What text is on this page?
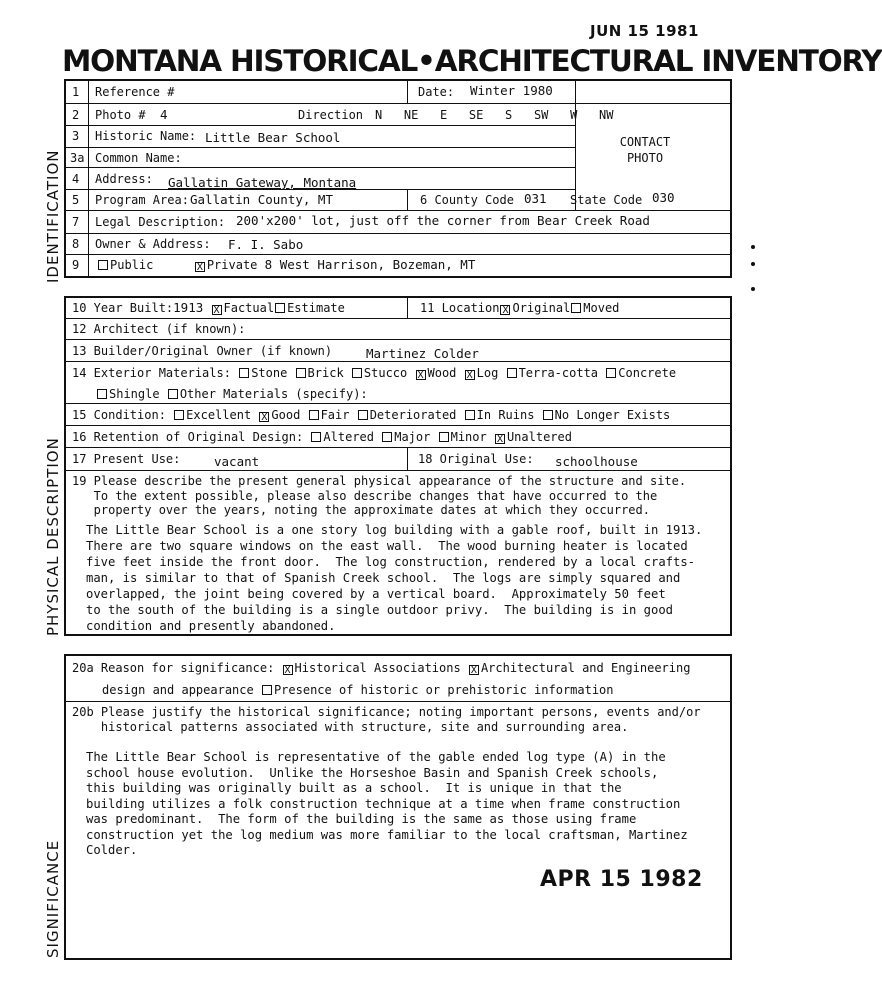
JUN 15 1981
MONTANA HISTORICAL•ARCHITECTURAL INVENTORY
IDENTIFICATION
PHYSICAL DESCRIPTION
SIGNIFICANCE
1 Reference #	Date: Winter 1980
2 Photo # 4	Direction N   NE   E   SE   S   SW   W   NW
3 Historic Name: Little Bear School	CONTACT
PHOTO
3a Common Name:
4 Address: Gallatin Gateway, Montana
5 Program Area: Gallatin County, MT	6 County Code 031 State Code 030
7 Legal Description: 200'x200' lot, just off the corner from Bear Creek Road
8 Owner & Address: F. I. Sabo
9	Public	X Private 8 West Harrison, Bozeman, MT
10 Year Built:1913 X Factual Estimate	11 Location X Original Moved
12 Architect (if known):
13 Builder/Original Owner (if known)	Martinez Colder
14 Exterior Materials: Stone Brick Stucco X Wood X Log Terra-cotta Concrete
Shingle Other Materials (specify):
15 Condition: Excellent X Good Fair Deteriorated In Ruins No Longer Exists
16 Retention of Original Design: Altered Major Minor X Unaltered
17 Present Use:	vacant	18 Original Use: schoolhouse
19 Please describe the present general physical appearance of the structure and site.
To the extent possible, please also describe changes that have occurred to the
property over the years, noting the approximate dates at which they occurred.
The Little Bear School is a one story log building with a gable roof, built in 1913.
There are two square windows on the east wall.  The wood burning heater is located
five feet inside the front door.  The log construction, rendered by a local crafts-
man, is similar to that of Spanish Creek school.  The logs are simply squared and
overlapped, the joint being covered by a vertical board.  Approximately 50 feet
to the south of the building is a single outdoor privy.  The building is in good
condition and presently abandoned.
20a Reason for significance: X Historical Associations X Architectural and Engineering
design and appearance Presence of historic or prehistoric information
20b Please justify the historical significance; noting important persons, events and/or
historical patterns associated with structure, site and surrounding area.
The Little Bear School is representative of the gable ended log type (A) in the
school house evolution.  Unlike the Horseshoe Basin and Spanish Creek schools,
this building was originally built as a school.  It is unique in that the
building utilizes a folk construction technique at a time when frame construction
was predominant.  The form of the building is the same as those using frame
construction yet the log medium was more familiar to the local craftsman, Martinez
Colder.
APR 15 1982
